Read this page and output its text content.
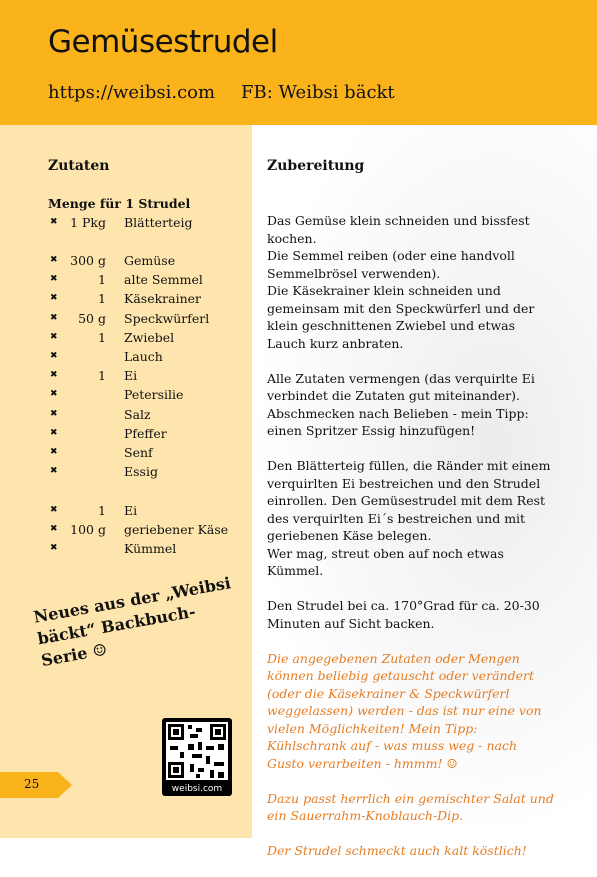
Gemüsestrudel
https://weibsi.com FB: Weibsi bäckt
Zutaten
Menge für 1 Strudel
✖	1 Pkg Blätterteig
✖	300 g Gemüse
✖	1 alte Semmel
✖	1 Käsekrainer
✖	50 g Speckwürferl
✖	1 Zwiebel
✖	Lauch
✖	1 Ei
✖	Petersilie
✖	Salz
✖	Pfeffer
✖	Senf
✖	Essig
✖	1 Ei
✖	100 g geriebener Käse
✖	Kümmel
Neues aus der „Weibsi bäckt“ Backbuch-Serie ☺
weibsi.com
25
Zubereitung

Das Gemüse klein schneiden und bissfest kochen.
Die Semmel reiben (oder eine handvoll Semmelbrösel verwenden).
Die Käsekrainer klein schneiden und gemeinsam mit den Speckwürferl und der klein geschnittenen Zwiebel und etwas Lauch kurz anbraten.

Alle Zutaten vermengen (das verquirlte Ei verbindet die Zutaten gut miteinander).
Abschmecken nach Belieben - mein Tipp: einen Spritzer Essig hinzufügen!

Den Blätterteig füllen, die Ränder mit einem verquirlten Ei bestreichen und den Strudel einrollen. Den Gemüsestrudel mit dem Rest des verquirlten Ei´s bestreichen und mit geriebenen Käse belegen.
Wer mag, streut oben auf noch etwas Kümmel.

Den Strudel bei ca. 170°Grad für ca. 20-30 Minuten auf Sicht backen.

Die angegebenen Zutaten oder Mengen können beliebig getauscht oder verändert (oder die Käsekrainer & Speckwürferl weggelassen) werden - das ist nur eine von vielen Möglichkeiten! Mein Tipp: Kühlschrank auf - was muss weg - nach Gusto verarbeiten - hmmm! ☺

Dazu passt herrlich ein gemischter Salat und ein Sauerrahm-Knoblauch-Dip.

Der Strudel schmeckt auch kalt köstlich!
